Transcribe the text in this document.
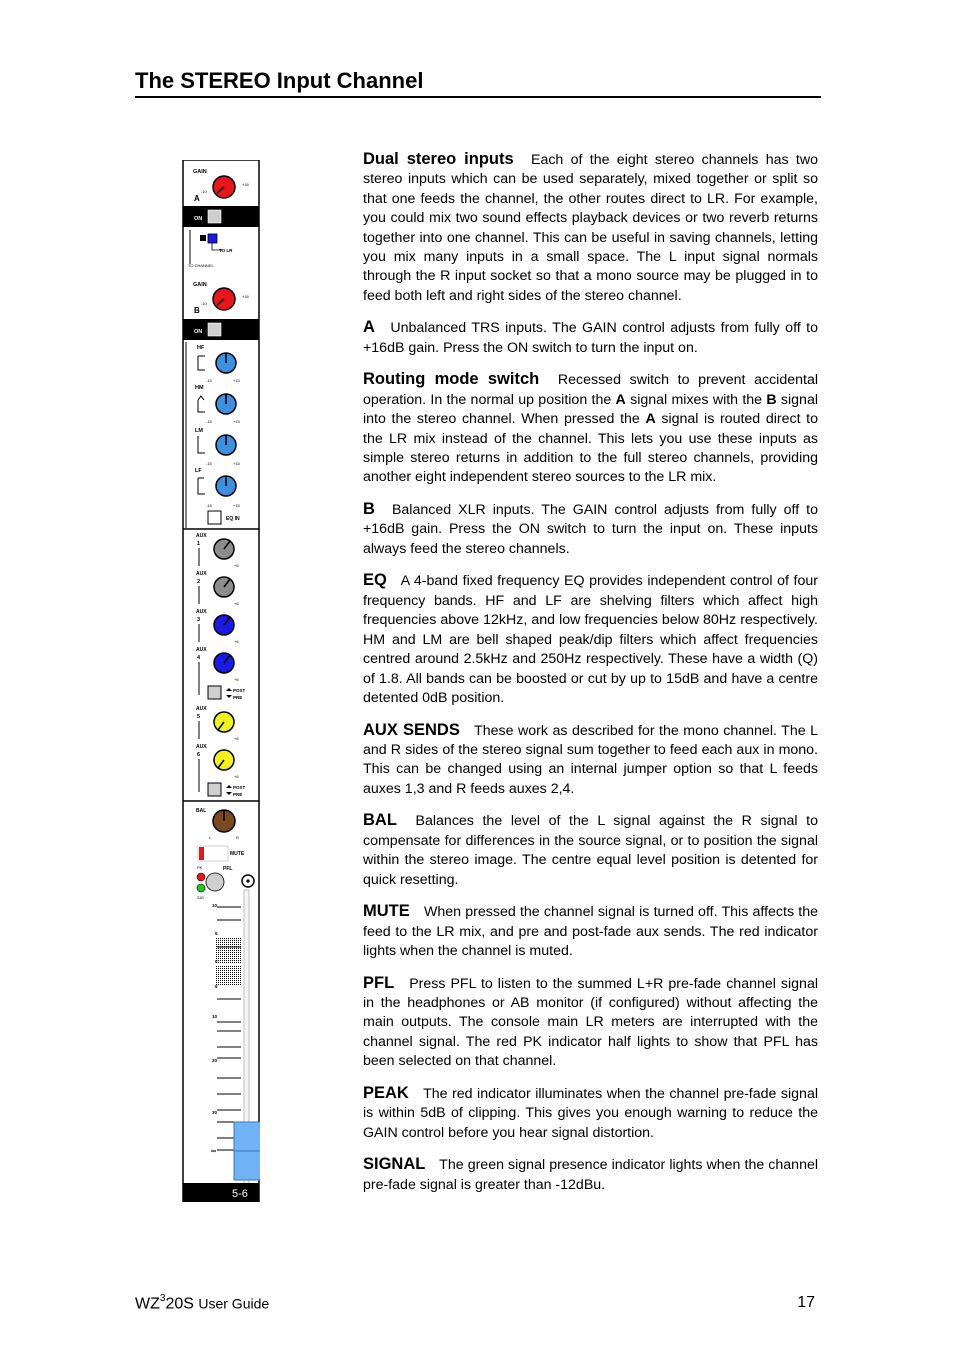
The STEREO Input Channel
GAIN
-10
+16
A
ON
TO LR
TO CHANNEL
GAIN
-10
+16
B
ON
HF
-15	+15
HM
-15	+15
LM
-15	+15
LF
-15	+15
EQ IN
AUX
1
+6
AUX
2
+6
AUX
3
+6
AUX
4
+6
POST
PRE
AUX
5
+6
AUX
6
+6
POST
PRE
BAL
L	R
MUTE
PK	PFL
SIG
10
5
0
5
10
20
30
∞
5-6

Dual stereo inputs Each of the eight stereo channels has two stereo inputs which can be used separately, mixed together or split so that one feeds the channel, the other routes direct to LR. For example, you could mix two sound effects playback devices or two reverb returns together into one channel. This can be useful in saving channels, letting you mix many inputs in a small space. The L input signal normals through the R input socket so that a mono source may be plugged in to feed both left and right sides of the stereo channel.

A Unbalanced TRS inputs. The GAIN control adjusts from fully off to +16dB gain. Press the ON switch to turn the input on.

Routing mode switch Recessed switch to prevent accidental operation. In the normal up position the A signal mixes with the B signal into the stereo channel. When pressed the A signal is routed direct to the LR mix instead of the channel. This lets you use these inputs as simple stereo returns in addition to the full stereo channels, providing another eight independent stereo sources to the LR mix.

B Balanced XLR inputs. The GAIN control adjusts from fully off to +16dB gain. Press the ON switch to turn the input on. These inputs always feed the stereo channels.

EQ A 4-band fixed frequency EQ provides independent control of four frequency bands. HF and LF are shelving filters which affect high frequencies above 12kHz, and low frequencies below 80Hz respectively. HM and LM are bell shaped peak/dip filters which affect frequencies centred around 2.5kHz and 250Hz respectively. These have a width (Q) of 1.8. All bands can be boosted or cut by up to 15dB and have a centre detented 0dB position.

AUX SENDS These work as described for the mono channel. The L and R sides of the stereo signal sum together to feed each aux in mono. This can be changed using an internal jumper option so that L feeds auxes 1,3 and R feeds auxes 2,4.

BAL Balances the level of the L signal against the R signal to compensate for differences in the source signal, or to position the signal within the stereo image. The centre equal level position is detented for quick resetting.

MUTE When pressed the channel signal is turned off. This affects the feed to the LR mix, and pre and post-fade aux sends. The red indicator lights when the channel is muted.

PFL Press PFL to listen to the summed L+R pre-fade channel signal in the headphones or AB monitor (if configured) without affecting the main outputs. The console main LR meters are interrupted with the channel signal. The red PK indicator half lights to show that PFL has been selected on that channel.

PEAK The red indicator illuminates when the channel pre-fade signal is within 5dB of clipping. This gives you enough warning to reduce the GAIN control before you hear signal distortion.

SIGNAL The green signal presence indicator lights when the channel pre-fade signal is greater than -12dBu.

$WZ^320S$ User Guide	17
